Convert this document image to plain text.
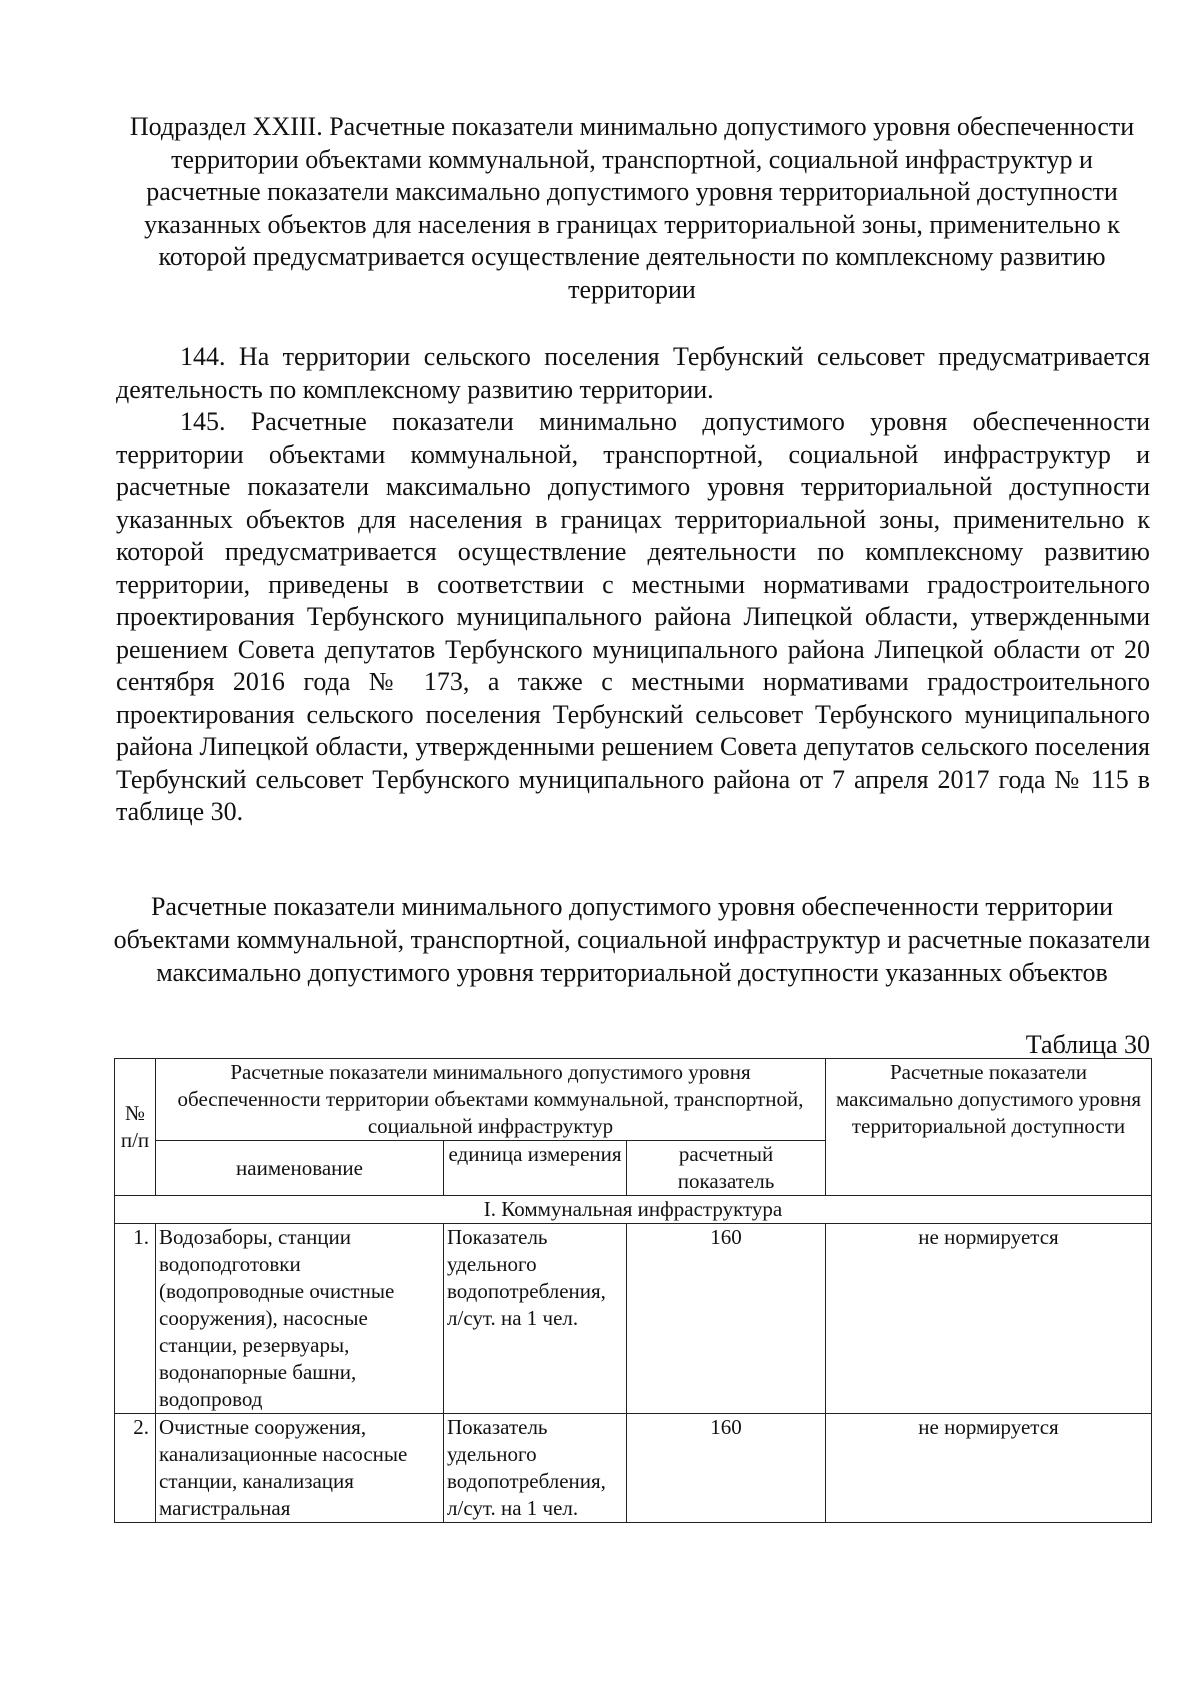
Подраздел XXIII. Расчетные показатели минимально допустимого уровня обеспеченности территории объектами коммунальной, транспортной, социальной инфраструктур и расчетные показатели максимально допустимого уровня территориальной доступности указанных объектов для населения в границах территориальной зоны, применительно к которой предусматривается осуществление деятельности по комплексному развитию территории

144. На территории сельского поселения Тербунский сельсовет предусматривается деятельность по комплексному развитию территории.

145. Расчетные показатели минимально допустимого уровня обеспеченности территории объектами коммунальной, транспортной, социальной инфраструктур и расчетные показатели максимально допустимого уровня территориальной доступности указанных объектов для населения в границах территориальной зоны, применительно к которой предусматривается осуществление деятельности по комплексному развитию территории, приведены в соответствии с местными нормативами градостроительного проектирования Тербунского муниципального района Липецкой области, утвержденными решением Совета депутатов Тербунского муниципального района Липецкой области от 20 сентября 2016 года № 173, а также с местными нормативами градостроительного проектирования сельского поселения Тербунский сельсовет Тербунского муниципального района Липецкой области, утвержденными решением Совета депутатов сельского поселения Тербунский сельсовет Тербунского муниципального района от 7 апреля 2017 года № 115 в таблице 30.

Расчетные показатели минимального допустимого уровня обеспеченности территории объектами коммунальной, транспортной, социальной инфраструктур и расчетные показатели максимально допустимого уровня территориальной доступности указанных объектов
Таблица 30
№ п/п	Расчетные показатели минимального допустимого уровня обеспеченности территории объектами коммунальной, транспортной, социальной инфраструктур			Расчетные показатели максимально допустимого уровня территориальной доступности
	наименование	единица измерения	расчетный показатель	
I. Коммунальная инфраструктура				
1.	Водозаборы, станции водоподготовки (водопроводные очистные сооружения), насосные станции, резервуары, водонапорные башни, водопровод	Показатель удельного водопотребления, л/сут. на 1 чел.	160	не нормируется
2.	Очистные сооружения, канализационные насосные станции, канализация магистральная	Показатель удельного водопотребления, л/сут. на 1 чел.	160	не нормируется
